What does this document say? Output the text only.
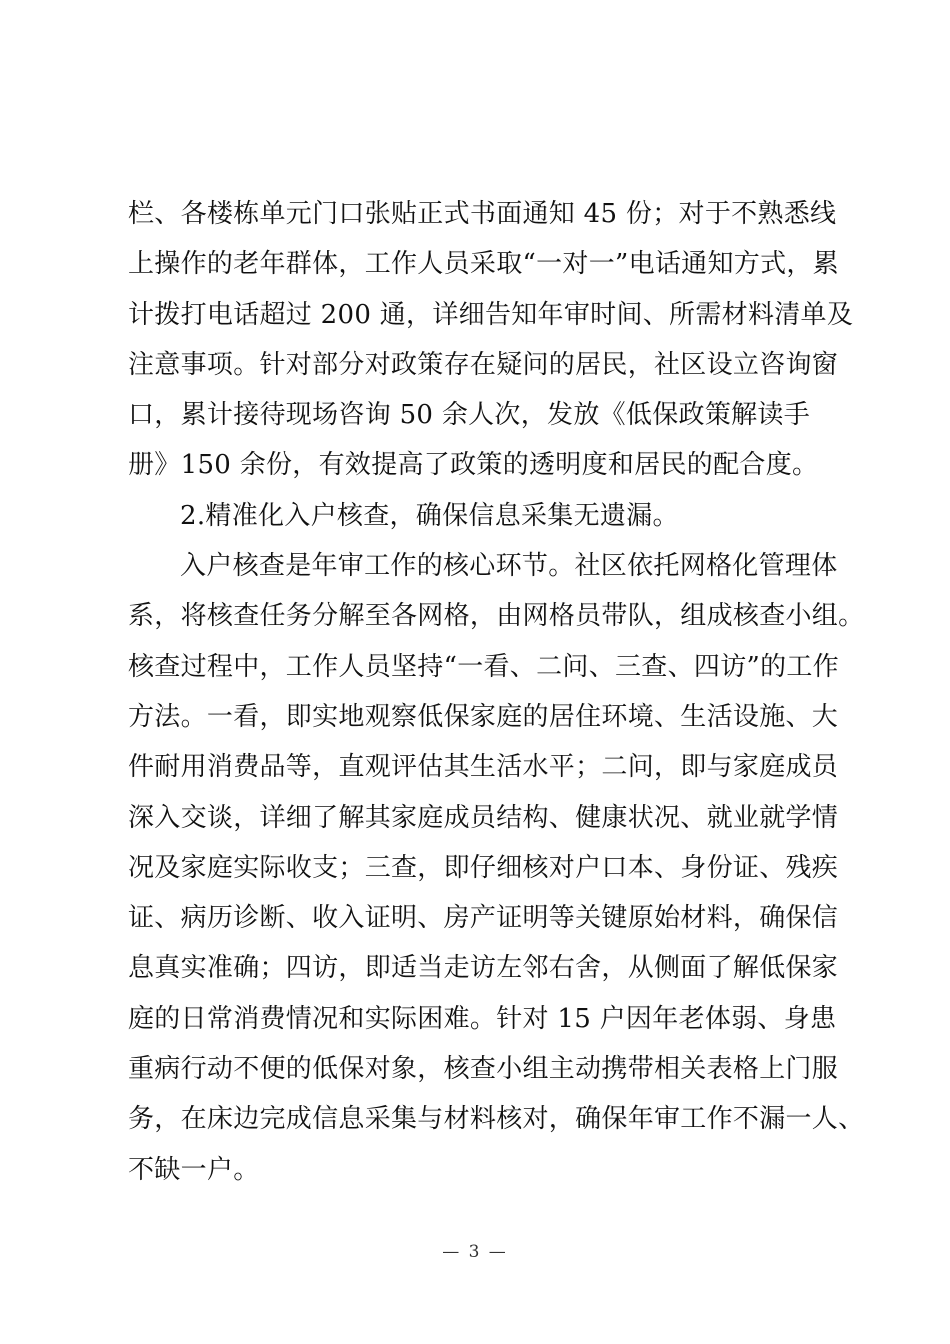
栏、各楼栋单元门口张贴正式书面通知 45 份；对于不熟悉线
上操作的老年群体，工作人员采取“一对一”电话通知方式，累
计拨打电话超过 200 通，详细告知年审时间、所需材料清单及
注意事项。针对部分对政策存在疑问的居民，社区设立咨询窗
口，累计接待现场咨询 50 余人次，发放《低保政策解读手
册》150 余份，有效提高了政策的透明度和居民的配合度。
2.精准化入户核查，确保信息采集无遗漏。
入户核查是年审工作的核心环节。社区依托网格化管理体
系，将核查任务分解至各网格，由网格员带队，组成核查小组。
核查过程中，工作人员坚持“一看、二问、三查、四访”的工作
方法。一看，即实地观察低保家庭的居住环境、生活设施、大
件耐用消费品等，直观评估其生活水平；二问，即与家庭成员
深入交谈，详细了解其家庭成员结构、健康状况、就业就学情
况及家庭实际收支；三查，即仔细核对户口本、身份证、残疾
证、病历诊断、收入证明、房产证明等关键原始材料，确保信
息真实准确；四访，即适当走访左邻右舍，从侧面了解低保家
庭的日常消费情况和实际困难。针对 15 户因年老体弱、身患
重病行动不便的低保对象，核查小组主动携带相关表格上门服
务，在床边完成信息采集与材料核对，确保年审工作不漏一人、
不缺一户。
— 3 —
